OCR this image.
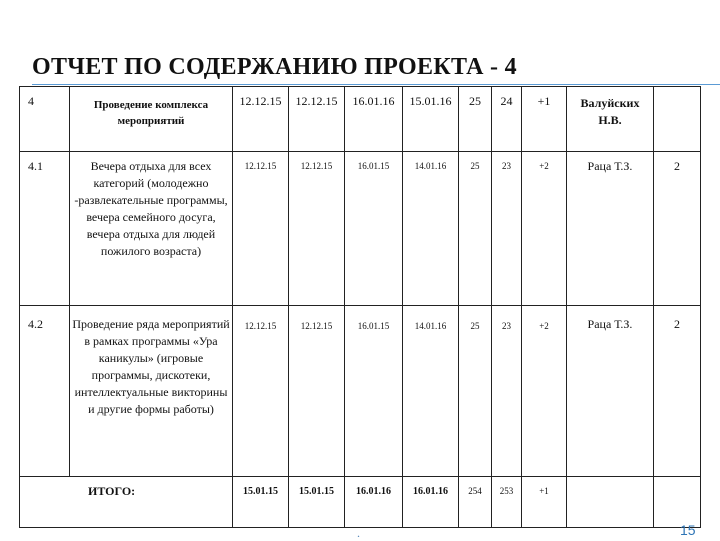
ОТЧЕТ ПО СОДЕРЖАНИЮ ПРОЕКТА - 4
4	Проведение комплекса мероприятий	12.12.15	12.12.15	16.01.16	15.01.16	25	24	+1	Валуйских Н.В.	
4.1	Вечера отдыха для всех категорий (молодежно -развлекательные программы, вечера семейного досуга, вечера отдыха для людей пожилого возраста)	12.12.15	12.12.15	16.01.15	14.01.16	25	23	+2	Раца Т.З.	2
4.2	Проведение ряда мероприятий в рамках программы «Ура каникулы» (игровые программы, дискотеки, интеллектуальные викторины и другие формы работы)	12.12.15	12.12.15	16.01.15	14.01.16	25	23	+2	Раца Т.З.	2
ИТОГО:		15.01.15	15.01.15	16.01.16	16.01.16	254	253	+1		
.	15
